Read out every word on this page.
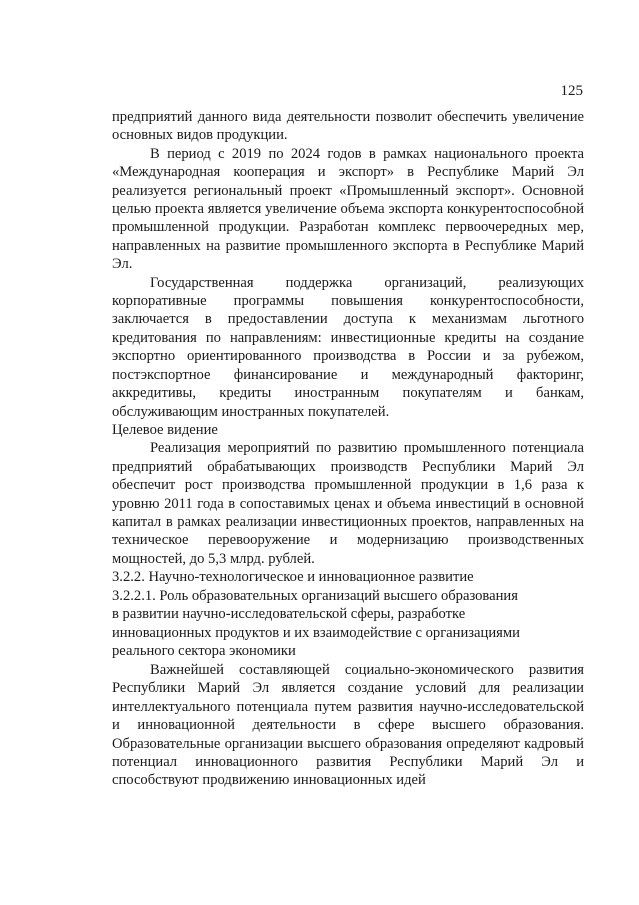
125

предприятий данного вида деятельности позволит обеспечить увеличение основных видов продукции.

В период с 2019 по 2024 годов в рамках национального проекта «Международная кооперация и экспорт» в Республике Марий Эл реализуется региональный проект «Промышленный экспорт». Основной целью проекта является увеличение объема экспорта конкурентоспособной промышленной продукции. Разработан комплекс первоочередных мер, направленных на развитие промышленного экспорта в Республике Марий Эл.

Государственная поддержка организаций, реализующих корпоративные программы повышения конкурентоспособности, заключается в предоставлении доступа к механизмам льготного кредитования по направлениям: инвестиционные кредиты на создание экспортно ориентированного производства в России и за рубежом, постэкспортное финансирование и международный факторинг, аккредитивы, кредиты иностранным покупателям и банкам, обслуживающим иностранных покупателей.

Целевое видение

Реализация мероприятий по развитию промышленного потенциала предприятий обрабатывающих производств Республики Марий Эл обеспечит рост производства промышленной продукции в 1,6 раза к уровню 2011 года в сопоставимых ценах и объема инвестиций в основной капитал в рамках реализации инвестиционных проектов, направленных на техническое перевооружение и модернизацию производственных мощностей, до 5,3 млрд. рублей.

3.2.2. Научно-технологическое и инновационное развитие

3.2.2.1. Роль образовательных организаций высшего образования
в развитии научно-исследовательской сферы, разработке
инновационных продуктов и их взаимодействие с организациями
реального сектора экономики

Важнейшей составляющей социально-экономического развития Республики Марий Эл является создание условий для реализации интеллектуального потенциала путем развития научно-исследовательской и инновационной деятельности в сфере высшего образования. Образовательные организации высшего образования определяют кадровый потенциал инновационного развития Республики Марий Эл и способствуют продвижению инновационных идей
